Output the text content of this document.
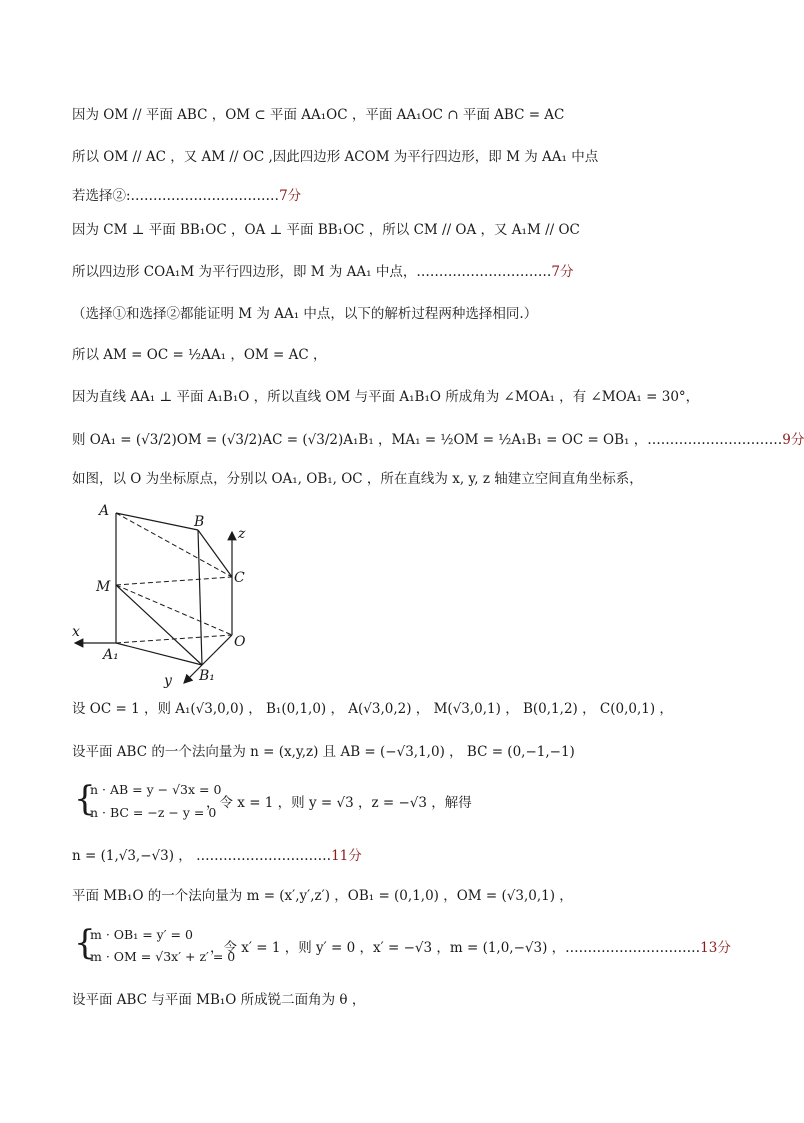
因为 OM // 平面 ABC ，OM ⊂ 平面 AA₁OC ，平面 AA₁OC ∩ 平面 ABC = AC
所以 OM // AC ，又 AM // OC ,因此四边形 ACOM 为平行四边形，即 M 为 AA₁ 中点
若选择②:……………………………7分
因为 CM ⊥ 平面 BB₁OC ，OA ⊥ 平面 BB₁OC ，所以 CM // OA ，又 A₁M // OC
所以四边形 COA₁M 为平行四边形，即 M 为 AA₁ 中点，…………………………7分
（选择①和选择②都能证明 M 为 AA₁ 中点，以下的解析过程两种选择相同.）
所以 AM = OC = ½AA₁ ，OM = AC ，
因为直线 AA₁ ⊥ 平面 A₁B₁O ，所以直线 OM 与平面 A₁B₁O 所成角为 ∠MOA₁ ，有 ∠MOA₁ = 30°，
则 OA₁ = (√3/2)OM = (√3/2)AC = (√3/2)A₁B₁ ，MA₁ = ½OM = ½A₁B₁ = OC = OB₁ ，…………………………9分
如图，以 O 为坐标原点，分别以 OA₁, OB₁, OC ，所在直线为 x, y, z 轴建立空间直角坐标系，
A
B
z
C
M
x
O
A₁
B₁
y
设 OC = 1 ，则 A₁(√3,0,0) ， B₁(0,1,0) ， A(√3,0,2) ， M(√3,0,1) ， B(0,1,2) ， C(0,0,1) ，
设平面 ABC 的一个法向量为 n = (x,y,z) 且 AB = (−√3,1,0) ， BC = (0,−1,−1)
{
n · AB = y − √3x = 0
n · BC = −z − y = 0
，令 x = 1 ，则 y = √3 ，z = −√3 ，解得
n = (1,√3,−√3) ， …………………………11分
平面 MB₁O 的一个法向量为 m = (x′,y′,z′) ，OB₁ = (0,1,0) ，OM = (√3,0,1) ，
{
m · OB₁ = y′ = 0
m · OM = √3x′ + z′ = 0
，令 x′ = 1 ，则 y′ = 0 ，x′ = −√3 ，m = (1,0,−√3) ，…………………………13分
设平面 ABC 与平面 MB₁O 所成锐二面角为 θ ，
